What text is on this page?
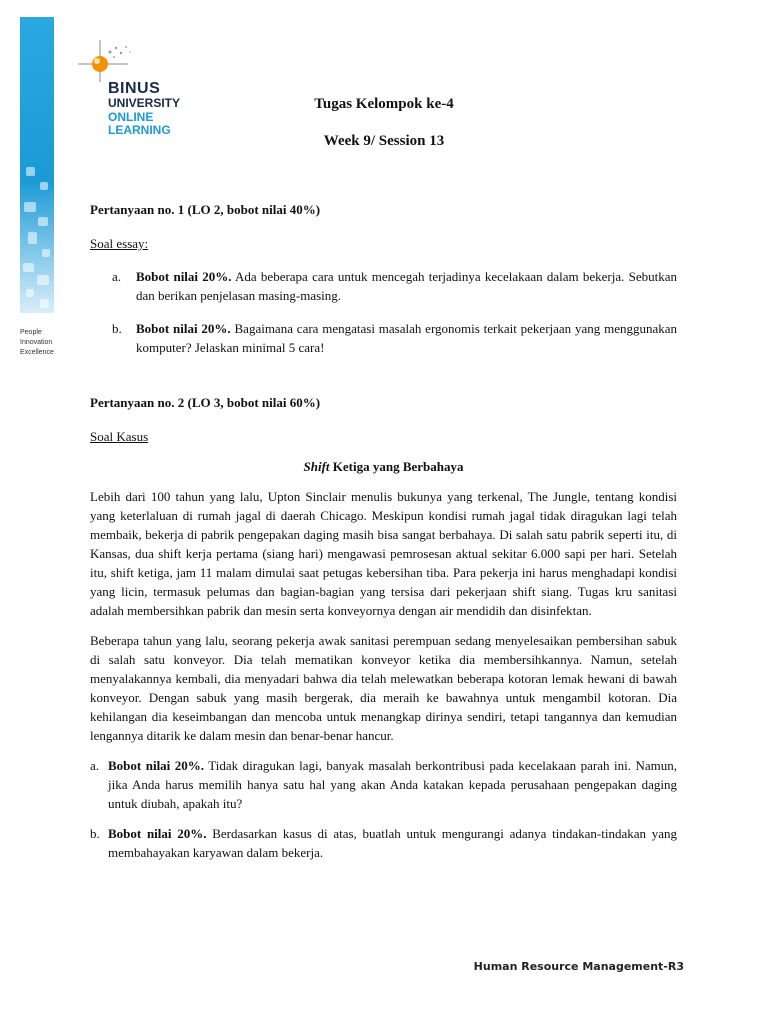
People
Innovation
Excellence
BINUS
UNIVERSITY
ONLINE
LEARNING
Tugas Kelompok ke-4
Week 9/ Session 13

Pertanyaan no. 1 (LO 2, bobot nilai 40%)

Soal essay:

a. Bobot nilai 20%. Ada beberapa cara untuk mencegah terjadinya kecelakaan dalam bekerja. Sebutkan dan berikan penjelasan masing-masing.
b. Bobot nilai 20%. Bagaimana cara mengatasi masalah ergonomis terkait pekerjaan yang menggunakan komputer? Jelaskan minimal 5 cara!

Pertanyaan no. 2 (LO 3, bobot nilai 60%)

Soal Kasus

Shift Ketiga yang Berbahaya
Lebih dari 100 tahun yang lalu, Upton Sinclair menulis bukunya yang terkenal, The Jungle, tentang kondisi yang keterlaluan di rumah jagal di daerah Chicago. Meskipun kondisi rumah jagal tidak diragukan lagi telah membaik, bekerja di pabrik pengepakan daging masih bisa sangat berbahaya. Di salah satu pabrik seperti itu, di Kansas, dua shift kerja pertama (siang hari) mengawasi pemrosesan aktual sekitar 6.000 sapi per hari. Setelah itu, shift ketiga, jam 11 malam dimulai saat petugas kebersihan tiba. Para pekerja ini harus menghadapi kondisi yang licin, termasuk pelumas dan bagian-bagian yang tersisa dari pekerjaan shift siang. Tugas kru sanitasi adalah membersihkan pabrik dan mesin serta konveyornya dengan air mendidih dan disinfektan.
Beberapa tahun yang lalu, seorang pekerja awak sanitasi perempuan sedang menyelesaikan pembersihan sabuk di salah satu konveyor. Dia telah mematikan konveyor ketika dia membersihkannya. Namun, setelah menyalakannya kembali, dia menyadari bahwa dia telah melewatkan beberapa kotoran lemak hewani di bawah konveyor. Dengan sabuk yang masih bergerak, dia meraih ke bawahnya untuk mengambil kotoran. Dia kehilangan dia keseimbangan dan mencoba untuk menangkap dirinya sendiri, tetapi tangannya dan kemudian lengannya ditarik ke dalam mesin dan benar-benar hancur.
a. Bobot nilai 20%. Tidak diragukan lagi, banyak masalah berkontribusi pada kecelakaan parah ini. Namun, jika Anda harus memilih hanya satu hal yang akan Anda katakan kepada perusahaan pengepakan daging untuk diubah, apakah itu?
b. Bobot nilai 20%. Berdasarkan kasus di atas, buatlah untuk mengurangi adanya tindakan-tindakan yang membahayakan karyawan dalam bekerja.
Human Resource Management-R3
